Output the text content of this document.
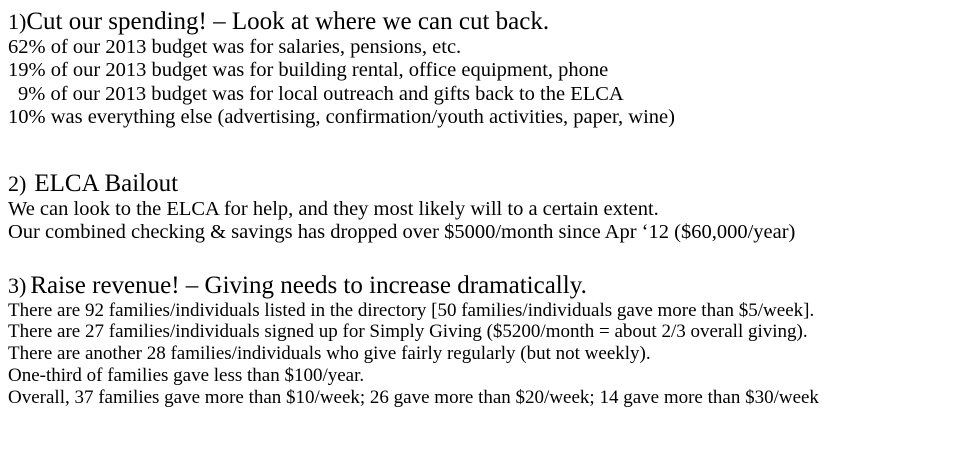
1)Cut our spending! – Look at where we can cut back.
62% of our 2013 budget was for salaries, pensions, etc.
19% of our 2013 budget was for building rental, office equipment, phone
9% of our 2013 budget was for local outreach and gifts back to the ELCA
10% was everything else (advertising, confirmation/youth activities, paper, wine)
2) ELCA Bailout
We can look to the ELCA for help, and they most likely will to a certain extent.
Our combined checking & savings has dropped over $5000/month since Apr ‘12 ($60,000/year)
3) Raise revenue! – Giving needs to increase dramatically.
There are 92 families/individuals listed in the directory [50 families/individuals gave more than $5/week].
There are 27 families/individuals signed up for Simply Giving ($5200/month = about 2/3 overall giving).
There are another 28 families/individuals who give fairly regularly (but not weekly).
One-third of families gave less than $100/year.
Overall, 37 families gave more than $10/week; 26 gave more than $20/week; 14 gave more than $30/week
